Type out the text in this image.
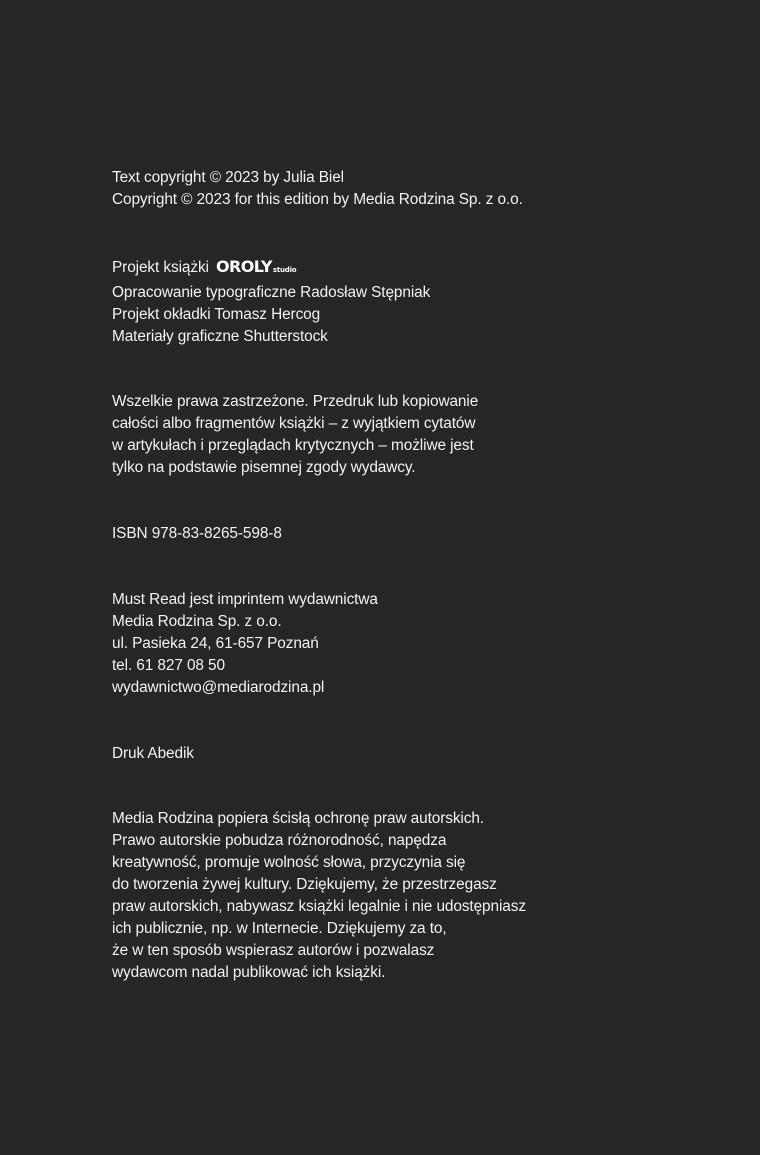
Text copyright © 2023 by Julia Biel

Copyright © 2023 for this edition by Media Rodzina Sp. z o.o.

Projekt książki OROLY studio

Opracowanie typograficzne Radosław Stępniak

Projekt okładki Tomasz Hercog

Materiały graficzne Shutterstock

Wszelkie prawa zastrzeżone. Przedruk lub kopiowanie

całości albo fragmentów książki – z wyjątkiem cytatów

w artykułach i przeglądach krytycznych – możliwe jest

tylko na podstawie pisemnej zgody wydawcy.

ISBN 978-83-8265-598-8

Must Read jest imprintem wydawnictwa

Media Rodzina Sp. z o.o.

ul. Pasieka 24, 61-657 Poznań

tel. 61 827 08 50

wydawnictwo@mediarodzina.pl

Druk Abedik

Media Rodzina popiera ścisłą ochronę praw autorskich.

Prawo autorskie pobudza różnorodność, napędza

kreatywność, promuje wolność słowa, przyczynia się

do tworzenia żywej kultury. Dziękujemy, że przestrzegasz

praw autorskich, nabywasz książki legalnie i nie udostępniasz

ich publicznie, np. w Internecie. Dziękujemy za to,

że w ten sposób wspierasz autorów i pozwalasz

wydawcom nadal publikować ich książki.
